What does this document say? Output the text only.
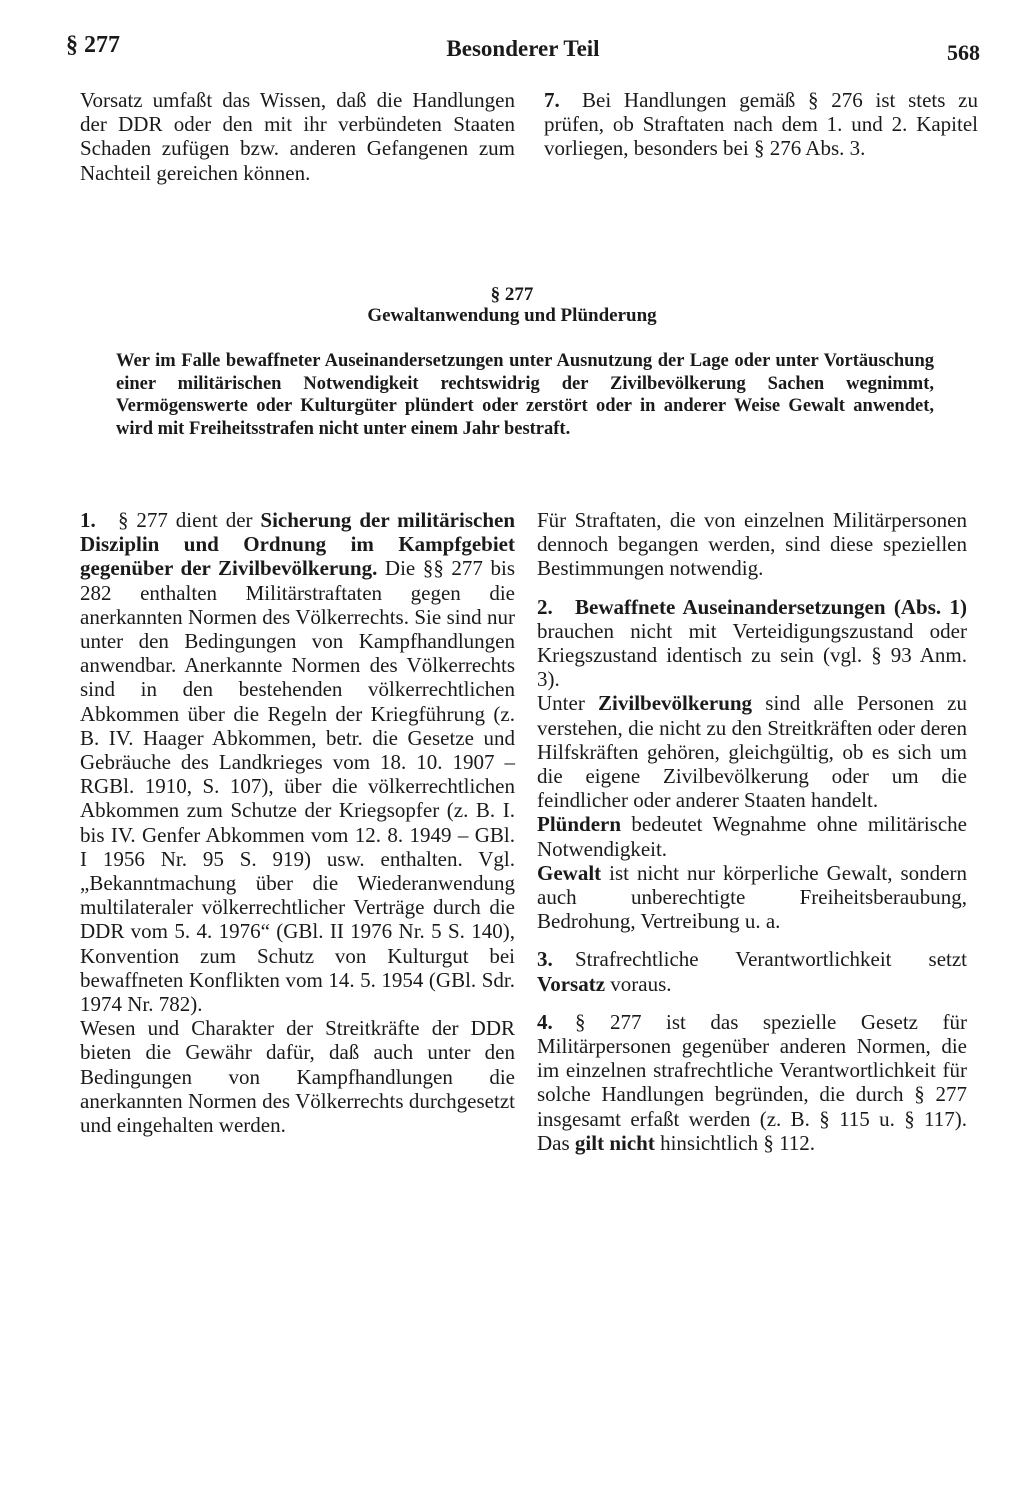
§ 277	Besonderer Teil	568

Vorsatz umfaßt das Wissen, daß die Handlungen der DDR oder den mit ihr verbündeten Staaten Schaden zufügen bzw. anderen Gefangenen zum Nachteil gereichen können.

7. Bei Handlungen gemäß § 276 ist stets zu prüfen, ob Straftaten nach dem 1. und 2. Kapitel vorliegen, besonders bei § 276 Abs. 3.

§ 277
Gewaltanwendung und Plünderung
Wer im Falle bewaffneter Auseinandersetzungen unter Ausnutzung der Lage oder unter Vortäuschung einer militärischen Notwendigkeit rechtswidrig der Zivilbevölkerung Sachen wegnimmt, Vermögenswerte oder Kulturgüter plündert oder zerstört oder in anderer Weise Gewalt anwendet, wird mit Freiheitsstrafen nicht unter einem Jahr bestraft.

1. § 277 dient der Sicherung der militärischen Disziplin und Ordnung im Kampfgebiet gegenüber der Zivilbevölkerung. Die §§ 277 bis 282 enthalten Militärstraftaten gegen die anerkannten Normen des Völkerrechts. Sie sind nur unter den Bedingungen von Kampfhandlungen anwendbar. Anerkannte Normen des Völkerrechts sind in den bestehenden völkerrechtlichen Abkommen über die Regeln der Kriegführung (z. B. IV. Haager Abkommen, betr. die Gesetze und Gebräuche des Landkrieges vom 18. 10. 1907 – RGBl. 1910, S. 107), über die völkerrechtlichen Abkommen zum Schutze der Kriegsopfer (z. B. I. bis IV. Genfer Abkommen vom 12. 8. 1949 – GBl. I 1956 Nr. 95 S. 919) usw. enthalten. Vgl. „Bekanntmachung über die Wiederanwendung multilateraler völkerrechtlicher Verträge durch die DDR vom 5. 4. 1976“ (GBl. II 1976 Nr. 5 S. 140), Konvention zum Schutz von Kulturgut bei bewaffneten Konflikten vom 14. 5. 1954 (GBl. Sdr. 1974 Nr. 782).

Wesen und Charakter der Streitkräfte der DDR bieten die Gewähr dafür, daß auch unter den Bedingungen von Kampfhandlungen die anerkannten Normen des Völkerrechts durchgesetzt und eingehalten werden.

Für Straftaten, die von einzelnen Militärpersonen dennoch begangen werden, sind diese speziellen Bestimmungen notwendig.

2. Bewaffnete Auseinandersetzungen (Abs. 1) brauchen nicht mit Verteidigungszustand oder Kriegszustand identisch zu sein (vgl. § 93 Anm. 3).

Unter Zivilbevölkerung sind alle Personen zu verstehen, die nicht zu den Streitkräften oder deren Hilfskräften gehören, gleichgültig, ob es sich um die eigene Zivilbevölkerung oder um die feindlicher oder anderer Staaten handelt.

Plündern bedeutet Wegnahme ohne militärische Notwendigkeit.

Gewalt ist nicht nur körperliche Gewalt, sondern auch unberechtigte Freiheitsberaubung, Bedrohung, Vertreibung u. a.

3. Strafrechtliche Verantwortlichkeit setzt Vorsatz voraus.

4. § 277 ist das spezielle Gesetz für Militärpersonen gegenüber anderen Normen, die im einzelnen strafrechtliche Verantwortlichkeit für solche Handlungen begründen, die durch § 277 insgesamt erfaßt werden (z. B. § 115 u. § 117). Das gilt nicht hinsichtlich § 112.
